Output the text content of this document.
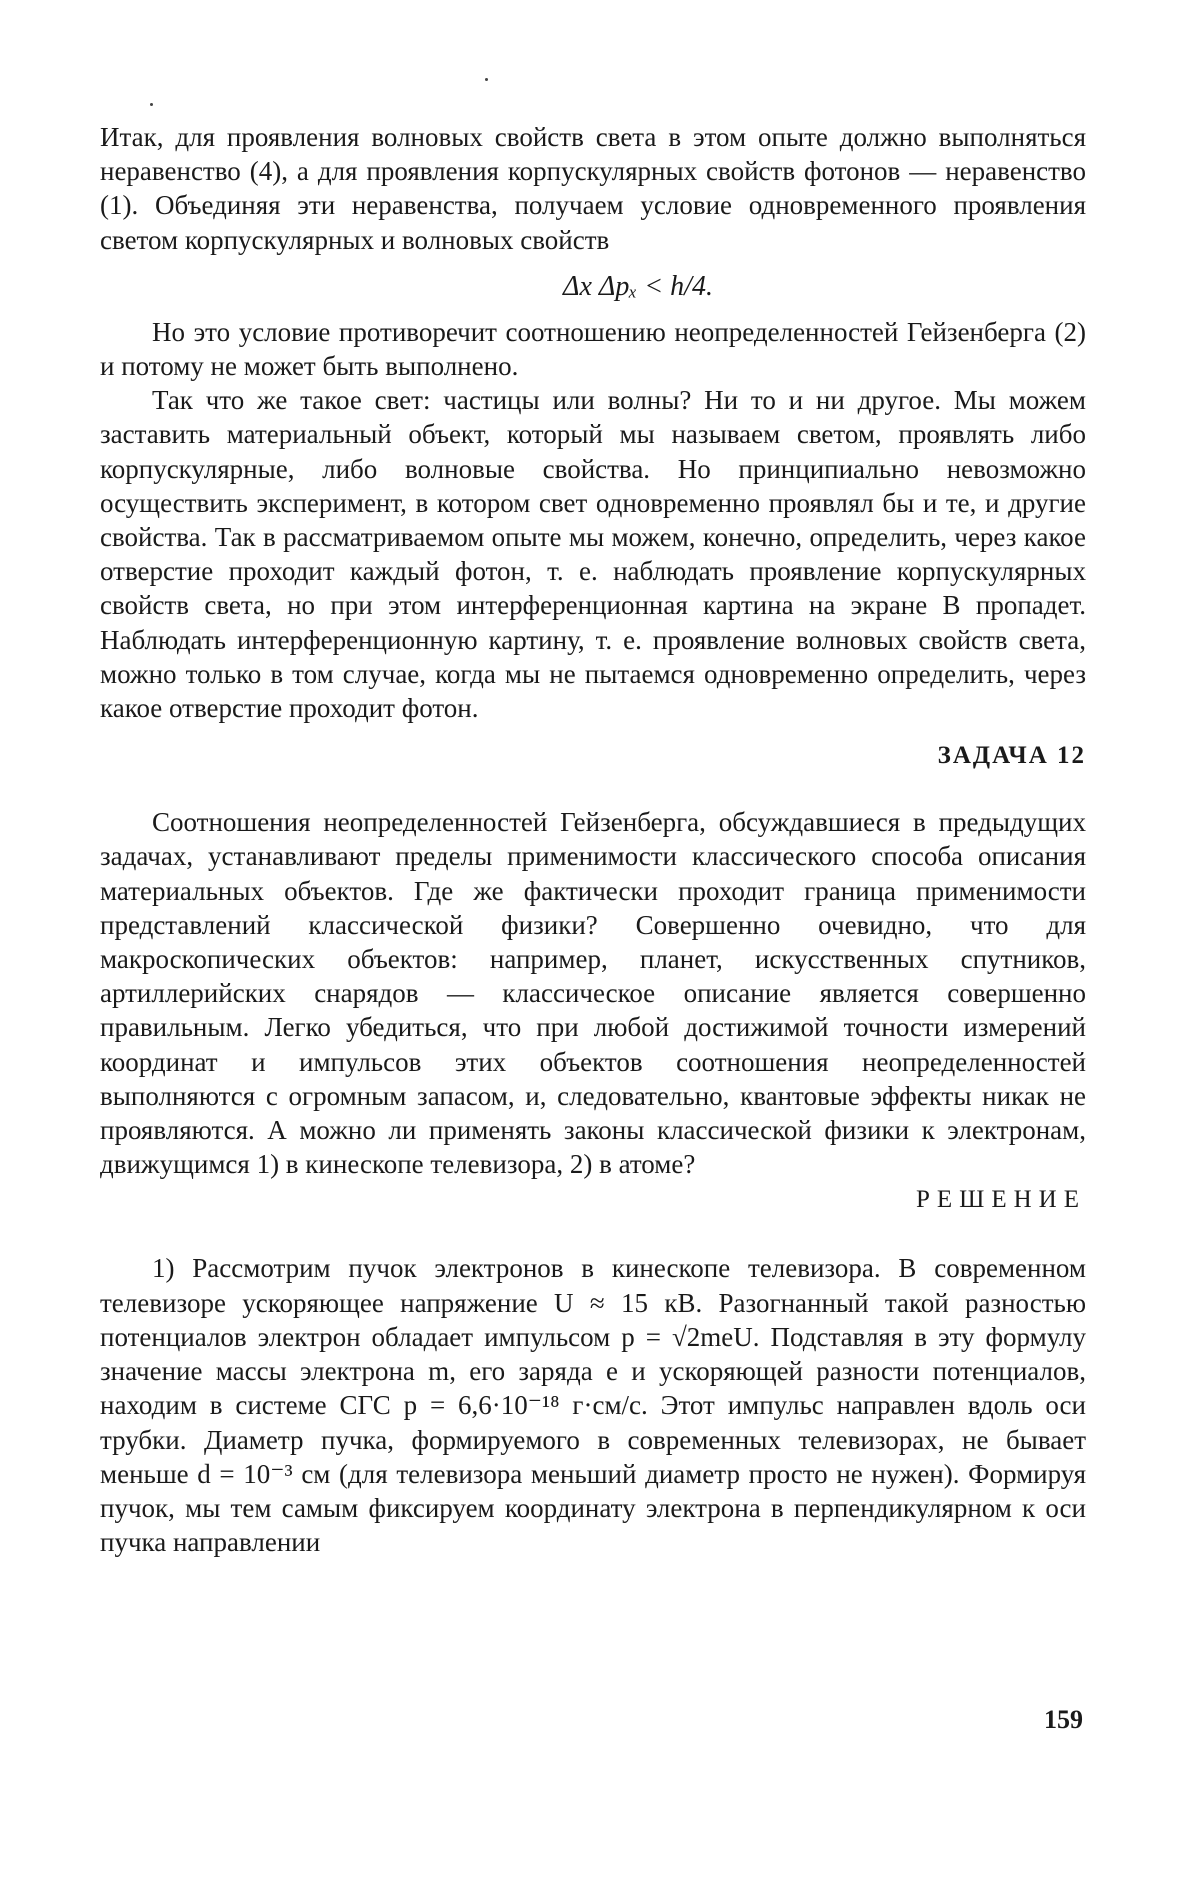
Итак, для проявления волновых свойств света в этом опыте должно выполняться неравенство (4), а для проявления корпускулярных свойств фотонов — неравенство (1). Объединяя эти неравенства, получаем условие одновременного проявления светом корпускулярных и волновых свойств

Δx Δpₓ < h/4.

Но это условие противоречит соотношению неопределенностей Гейзенберга (2) и потому не может быть выполнено.

Так что же такое свет: частицы или волны? Ни то и ни другое. Мы можем заставить материальный объект, который мы называем светом, проявлять либо корпускулярные, либо волновые свойства. Но принципиально невозможно осуществить эксперимент, в котором свет одновременно проявлял бы и те, и другие свойства. Так в рассматриваемом опыте мы можем, конечно, определить, через какое отверстие проходит каждый фотон, т. е. наблюдать проявление корпускулярных свойств света, но при этом интерференционная картина на экране B пропадет. Наблюдать интерференционную картину, т. е. проявление волновых свойств света, можно только в том случае, когда мы не пытаемся одновременно определить, через какое отверстие проходит фотон.

ЗАДАЧА 12

Соотношения неопределенностей Гейзенберга, обсуждавшиеся в предыдущих задачах, устанавливают пределы применимости классического способа описания материальных объектов. Где же фактически проходит граница применимости представлений классической физики? Совершенно очевидно, что для макроскопических объектов: например, планет, искусственных спутников, артиллерийских снарядов — классическое описание является совершенно правильным. Легко убедиться, что при любой достижимой точности измерений координат и импульсов этих объектов соотношения неопределенностей выполняются с огромным запасом, и, следовательно, квантовые эффекты никак не проявляются. А можно ли применять законы классической физики к электронам, движущимся 1) в кинескопе телевизора, 2) в атоме?

РЕШЕНИЕ

1) Рассмотрим пучок электронов в кинескопе телевизора. В современном телевизоре ускоряющее напряжение U ≈ 15 кВ. Разогнанный такой разностью потенциалов электрон обладает импульсом p = √2meU. Подставляя в эту формулу значение массы электрона m, его заряда e и ускоряющей разности потенциалов, находим в системе СГС p = 6,6·10⁻¹⁸ г·см/с. Этот импульс направлен вдоль оси трубки. Диаметр пучка, формируемого в современных телевизорах, не бывает меньше d = 10⁻³ см (для телевизора меньший диаметр просто не нужен). Формируя пучок, мы тем самым фиксируем координату электрона в перпендикулярном к оси пучка направлении

159
